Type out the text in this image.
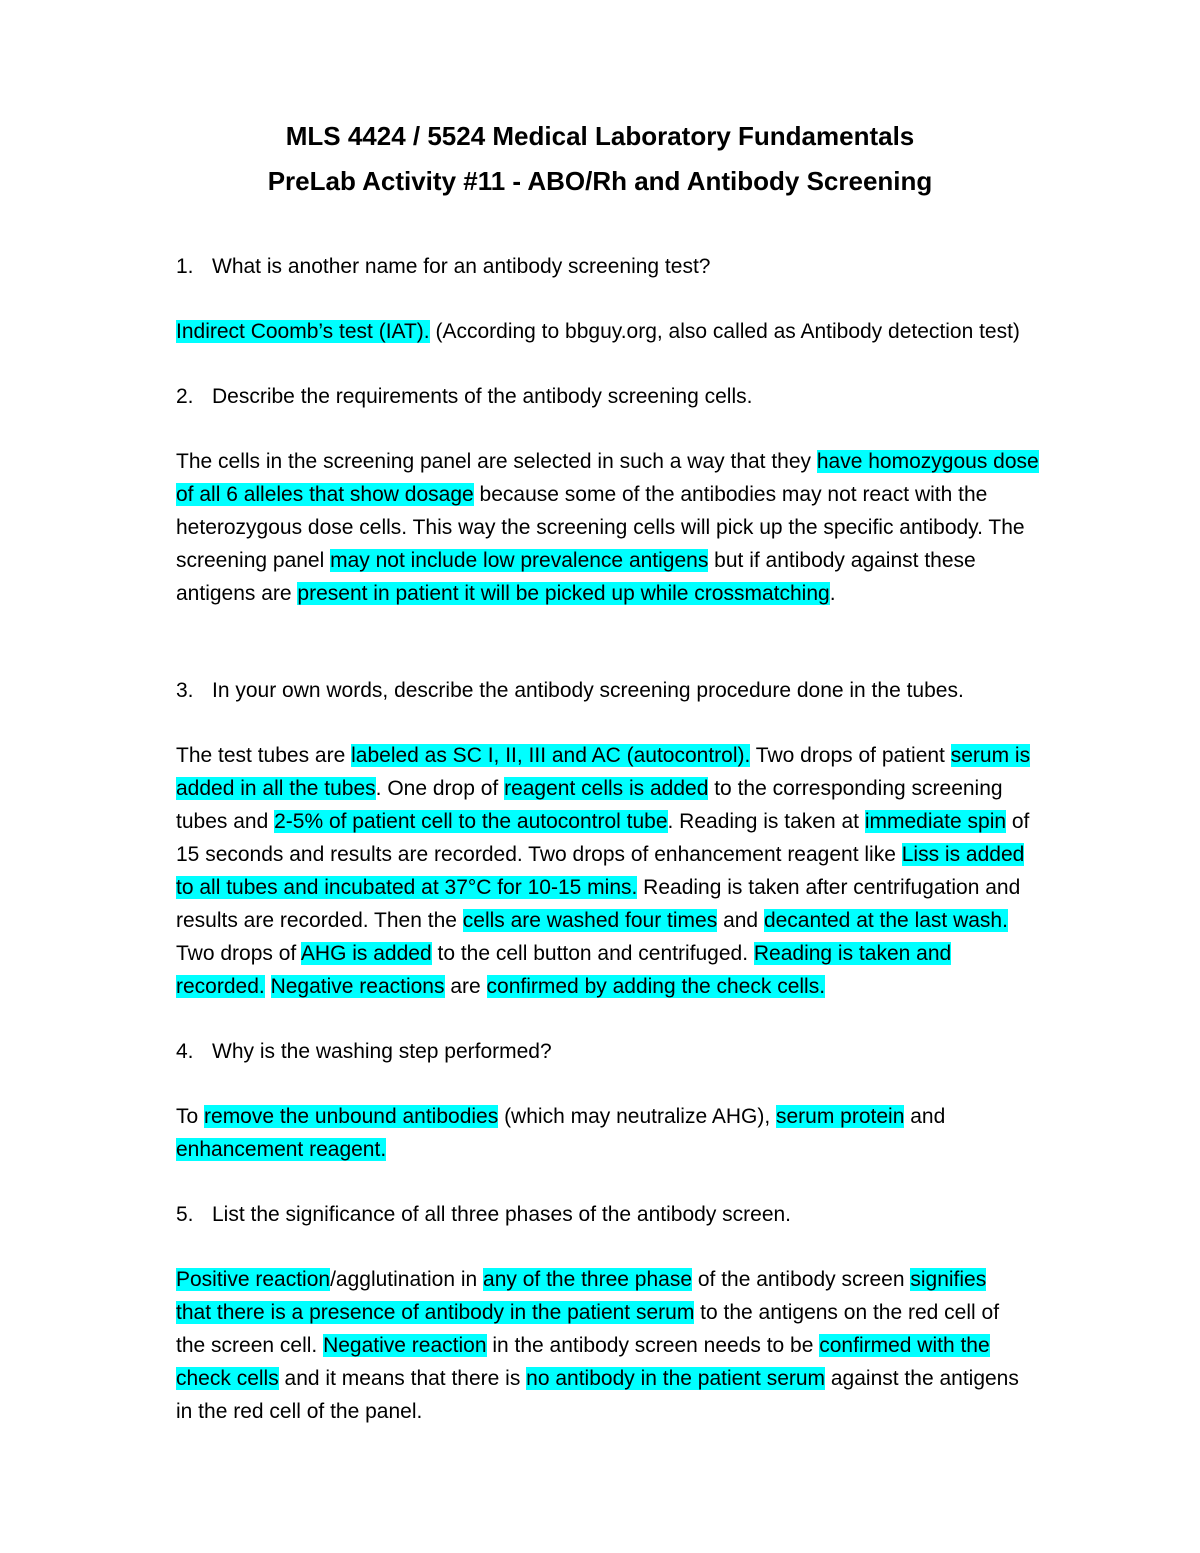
MLS 4424 / 5524 Medical Laboratory Fundamentals
PreLab Activity #11 - ABO/Rh and Antibody Screening
1. What is another name for an antibody screening test?
Indirect Coomb’s test (IAT). (According to bbguy.org, also called as Antibody detection test)
2. Describe the requirements of the antibody screening cells.
The cells in the screening panel are selected in such a way that they have homozygous dose
of all 6 alleles that show dosage because some of the antibodies may not react with the
heterozygous dose cells. This way the screening cells will pick up the specific antibody. The
screening panel may not include low prevalence antigens but if antibody against these
antigens are present in patient it will be picked up while crossmatching.
3. In your own words, describe the antibody screening procedure done in the tubes.
The test tubes are labeled as SC I, II, III and AC (autocontrol). Two drops of patient serum is
added in all the tubes. One drop of reagent cells is added to the corresponding screening
tubes and 2-5% of patient cell to the autocontrol tube. Reading is taken at immediate spin of
15 seconds and results are recorded. Two drops of enhancement reagent like Liss is added
to all tubes and incubated at 37°C for 10-15 mins. Reading is taken after centrifugation and
results are recorded. Then the cells are washed four times and decanted at the last wash.
Two drops of AHG is added to the cell button and centrifuged. Reading is taken and
recorded. Negative reactions are confirmed by adding the check cells.
4. Why is the washing step performed?
To remove the unbound antibodies (which may neutralize AHG), serum protein and
enhancement reagent.
5. List the significance of all three phases of the antibody screen.
Positive reaction/agglutination in any of the three phase of the antibody screen signifies
that there is a presence of antibody in the patient serum to the antigens on the red cell of
the screen cell. Negative reaction in the antibody screen needs to be confirmed with the
check cells and it means that there is no antibody in the patient serum against the antigens
in the red cell of the panel.
